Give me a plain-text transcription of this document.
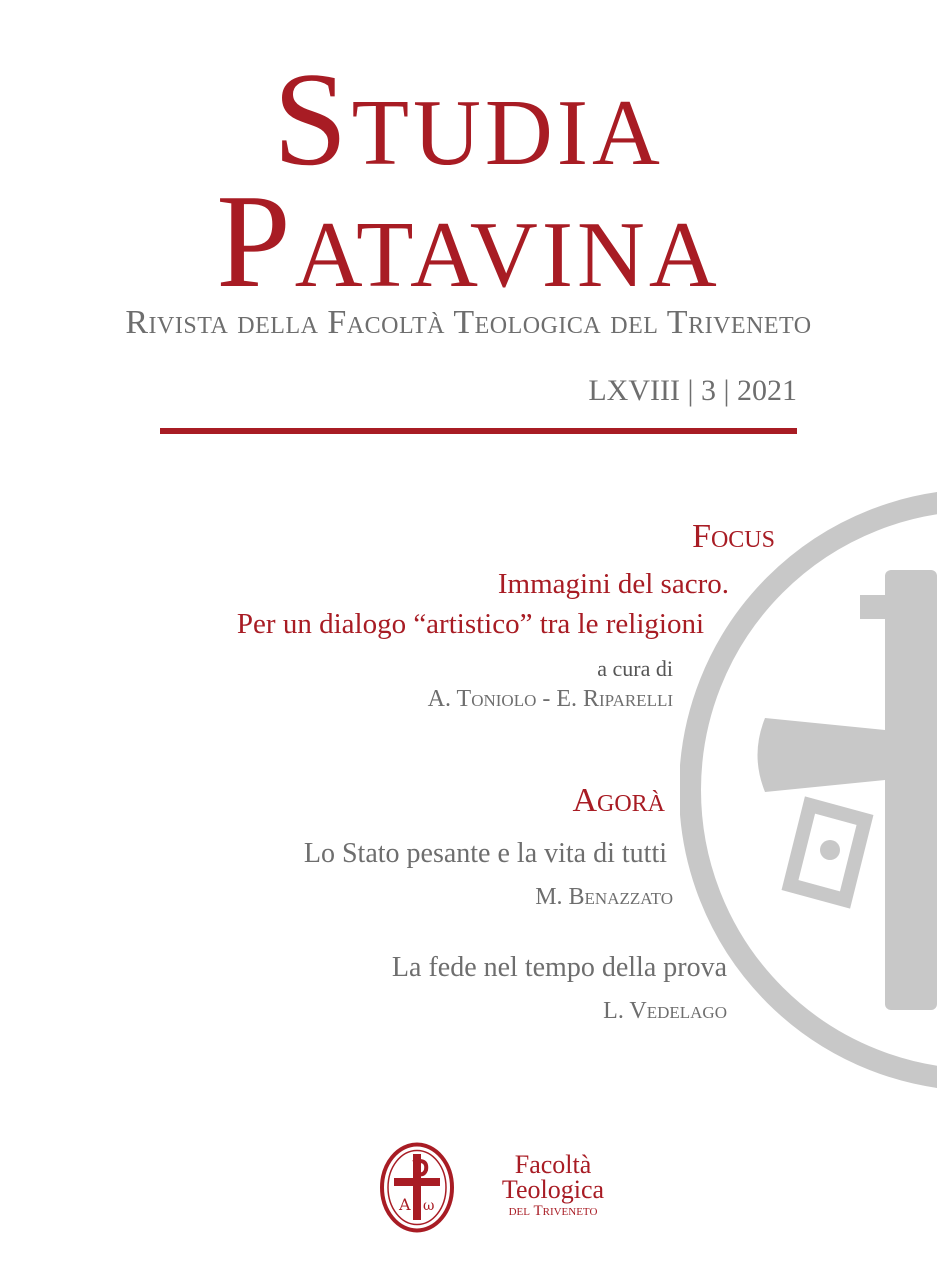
Studia
Patavina
Rivista della Facoltà Teologica del Triveneto
LXVIII | 3 | 2021
Focus
Immagini del sacro.
Per un dialogo “artistico” tra le religioni
a cura di
A. Toniolo - E. Riparelli
Agorà
Lo Stato pesante e la vita di tutti
M. Benazzato
La fede nel tempo della prova
L. Vedelago
A ω
Facoltà
Teologica
del Triveneto
